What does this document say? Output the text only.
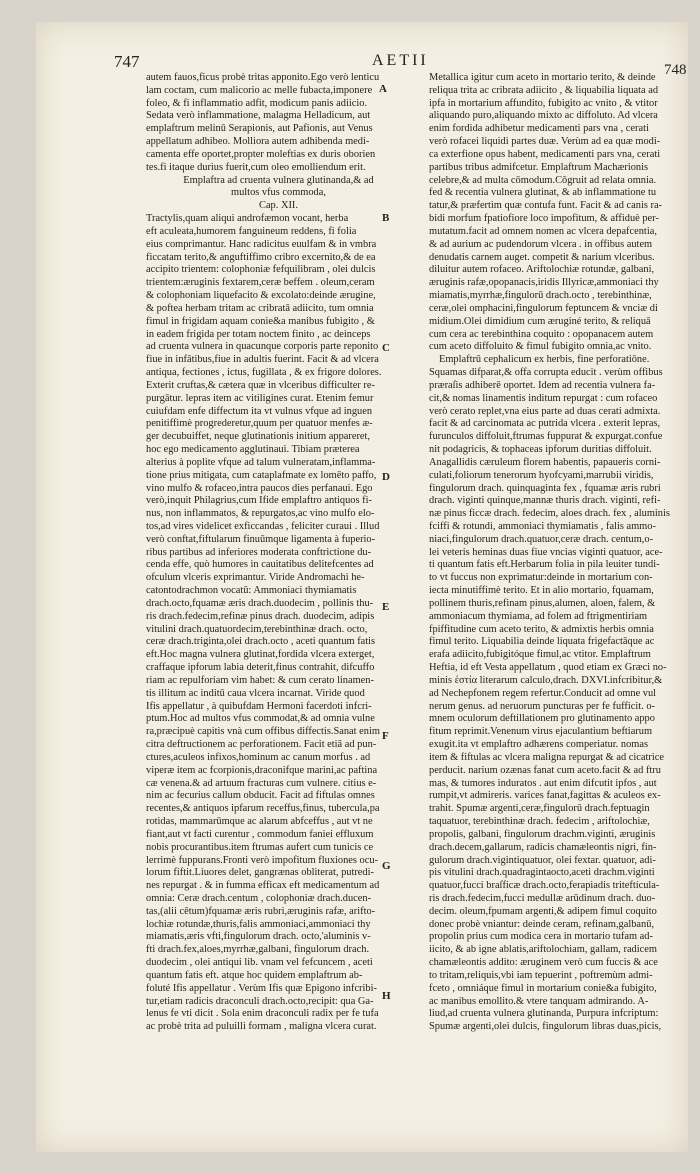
747	AETII
748
autem fauos,ficus probè tritas apponito.Ego verò lenticu
lam coctam, cum malicorio ac melle fubacta,imponere
foleo, & fi inflammatio adfit, modicum panis adiicio.
Sedata verò inflammatione, malagma Helladicum, aut
emplaftrum melinū Serapionis, aut Pafionis, aut Venus
appellatum adhibeo. Molliora autem adhibenda medi-
camenta effe oportet,propter moleftias ex duris oborien
tes.fi itaque durius fuerit,cum oleo emolliendum erit.
Emplaftra ad cruenta vulnera glutinanda,& ad
multos vfus commoda,
Cap. XII.
Tractylis,quam aliqui androfæmon vocant, herba
eft aculeata,humorem fanguineum reddens, fi folia
eius comprimantur. Hanc radicitus euulfam & in vmbra
ficcatam terito,& anguftiffimo cribro excernito,& de ea
accipito trientem: colophoniæ fefquilibram , olei dulcis
trientem:æruginis fextarem,ceræ beffem . oleum,ceram
& colophoniam liquefacito & excolato:deinde ærugine,
& poftea herbam tritam ac cribratā adiicito, tum omnia
fimul in frigidam aquam conie&a manibus fubigito , &
in eadem frigida per totam noctem finito , ac deinceps
ad cruenta vulnera in quacunque corporis parte reponito
fiue in infātibus,fiue in adultis fuerint. Facit & ad vlcera
antiqua, fectiones , ictus, fugillata , & ex frigore dolores.
Exterit cruftas,& cætera quæ in vlceribus difficulter re-
purgātur. lepras item ac vitiligines curat. Etenim femur
cuiufdam enfe diffectum ita vt vulnus vfque ad inguen
penitiffimè progrederetur,quum per quatuor menfes æ-
ger decubuiffet, neque glutinationis initium appareret,
hoc ego medicamento agglutinaui. Tibiam præterea
alterius à poplite vfque ad talum vulneratam,inflamma-
tione prius mitigata, cum cataplafmate ex lomēto paffo,
vino mulfo & rofaceo,intra paucos dies perfanaui. Ego
verò,inquit Philagrius,cum Ifide emplaftro antiquos fi-
nus, non inflammatos, & repurgatos,ac vino mulfo elo-
tos,ad vires videlicet exficcandas , feliciter curaui . Illud
verò conftat,fiftularum finuūmque ligamenta à fuperio-
ribus partibus ad inferiores moderata conftrictione du-
cenda effe, quò humores in cauitatibus delitefcentes ad
ofculum vlceris exprimantur. Viride Andromachi he-
catontodrachmon vocatū: Ammoniaci thymiamatis
drach.octo,fquamæ æris drach.duodecim , pollinis thu-
ris drach.fedecim,refinæ pinus drach. duodecim, adipis
vitulini drach.quatuordecim,terebinthinæ drach. octo,
ceræ drach.triginta,olei drach.octo , aceti quantum fatis
eft.Hoc magna vulnera glutinat,fordida vlcera exterget,
craffaque ipforum labia deterit,finus contrahit, difcuffo
riam ac repulforiam vim habet: & cum cerato linamen-
tis illitum ac inditū caua vlcera incarnat. Viride quod
Ifis appellatur , à quibufdam Hermoni facerdoti infcri-
ptum.Hoc ad multos vfus commodat,& ad omnia vulne
ra,præcipuè capitis vnà cum offibus diffectis.Sanat enim
citra deftructionem ac perforationem. Facit etiā ad pun-
ctures,aculeos infixos,hominum ac canum morfus . ad
viperæ item ac fcorpionis,draconifque marini,ac paftina
cæ venena.& ad artuum fracturas cum vulnere. citius e-
nim ac fecurius callum obducit. Facit ad fiftulas omnes
recentes,& antiquos ipfarum receffus,finus, tubercula,pa
rotidas, mammarūmque ac alarum abfceffus , aut vt ne
fiant,aut vt facti curentur , commodum faniei effluxum
nobis procurantibus.item ftrumas aufert cum tunicis ce
lerrimè fuppurans.Fronti verò impofitum fluxiones ocu-
lorum fiftit.Liuores delet, gangrænas obliterat, putredi-
nes repurgat . & in fumma efficax eft medicamentum ad
omnia: Ceræ drach.centum , colophoniæ drach.ducen-
tas,(alii cētum)fquamæ æris rubri,æruginis rafæ, arifto-
lochiæ rotundæ,thuris,falis ammoniaci,ammoniaci thy
miamatis,æris vfti,fingulorum drach. octo,'aluminis v-
fti drach.fex,aloes,myrrhæ,galbani, fingulorum drach.
duodecim , olei antiqui lib. vnam vel fefcuncem , aceti
quantum fatis eft. atque hoc quidem emplaftrum ab-
foluté Ifis appellatur . Verùm Ifis quæ Epigono infcribi-
tur,etiam radicis draconculi drach.octo,recipit: qua Ga-
lenus fe vti dicit . Sola enim draconculi radix per fe tufa
ac probè trita ad puluilli formam , maligna vlcera curat.
Metallica igitur cum aceto in mortario terito, & deinde
reliqua trita ac cribrata adiicito , & liquabilia liquata ad
ipfa in mortarium affundito, fubigito ac vnito , & vtitor
aliquando puro,aliquando mixto ac diffoluto. Ad vlcera
enim fordida adhibetur medicamenti pars vna , cerati
verò rofacei liquidi partes duæ. Verùm ad ea quæ modi-
ca exterfione opus habent, medicamenti pars vna, cerati
partibus tribus admifcetur. Emplaftrum Machærionis
celebre,& ad multa cōmodum.Cōgruit ad relata omnia.
fed & recentia vulnera glutinat, & ab inflammatione tu
tatur,& præfertim quæ contufa funt. Facit & ad canis ra-
bidi morfum fpatiofiore loco impofitum, & affiduè per-
mutatum.facit ad omnem nomen ac vlcera depafcentia,
& ad aurium ac pudendorum vlcera . in offibus autem
denudatis carnem auget. competit & narium vlceribus.
diluitur autem rofaceo. Ariftolochiæ rotundæ, galbani,
æruginis rafæ,opopanacis,iridis Illyricæ,ammoniaci thy
miamatis,myrrhæ,fingulorū drach.octo , terebinthinæ,
ceræ,olei omphacini,fingulorum feptuncem & vnciæ di
midium.Olei dimidium cum æruginé terito, & reliquā
cum cera ac terebinthina coquito : opopanacem autem
cum aceto diffoluito & fimul fubigito omnia,ac vnito.
Emplaftrū cephalicum ex herbis, fine perforatiōne.
Squamas difparat,& offa corrupta educit . verùm offibus
præraſis adhiberē oportet. Idem ad recentia vulnera fa-
cit,& nomas linamentis inditum repurgat : cum rofaceo
verò cerato replet,vna eius parte ad duas cerati admixta.
facit & ad carcinomata ac putrida vlcera . exterit lepras,
furunculos diffoluit,ftrumas fuppurat & expurgat.confue
nit podagricis, & tophaceas ipforum duritias diffoluit.
Anagallidis cæruleum florem habentis, papaueris corni-
culati,foliorum tenerorum hyofcyami,marrubii viridis,
fingulorum drach. quinquaginta fex , fquamæ æris rubri
drach. viginti quinque,mannæ thuris drach. viginti, refi-
næ pinus ficcæ drach. fedecim, aloes drach. fex , aluminis
fciffi & rotundi, ammoniaci thymiamatis , falis ammo-
niaci,fingulorum drach.quatuor,ceræ drach. centum,o-
lei veteris heminas duas fiue vncias viginti quatuor, ace-
ti quantum fatis eft.Herbarum folia in pila leuiter tundi-
to vt fuccus non exprimatur:deinde in mortarium con-
iecta minutiffimè terito. Et in alio mortario, fquamam,
pollinem thuris,refinam pinus,alumen, aloen, falem, &
ammoniacum thymiama, ad folem ad ftrigmentiriam
fpiffitudine cum aceto terito, & admixtis herbis omnia
fimul terito. Liquabilia deinde liquata frigefactāque ac
erafa adiicito,fubigitóque fimul,ac vtitor. Emplaftrum
Heftia, id eft Vesta appellatum , quod etiam ex Græci no-
minis ἑστία literarum calculo,drach. DXVI.infcribitur,&
ad Nechepfonem regem refertur.Conducit ad omne vul
nerum genus. ad neruorum puncturas per fe fufficit. o-
mnem oculorum deftillationem pro glutinamento appo
fitum reprimit.Venenum virus ejaculantium beftiarum
exugit.ita vt emplaftro adhærens comperiatur. nomas
item & fiftulas ac vlcera maligna repurgat & ad cicatrice
perducit. narium ozænas fanat cum aceto.facit & ad ftru
mas, & tumores induratos . aut enim difcutit ipfos , aut
rumpit,vt admireris. varices fanat,fagittas & aculeos ex-
trahit. Spumæ argenti,ceræ,fingulorū drach.feptuagin
taquatuor, terebinthinæ drach. fedecim , ariftolochiæ,
propolis, galbani, fingulorum drachm.viginti, æruginis
drach.decem,gallarum, radicis chamæleontis nigri, fin-
gulorum drach.vigintiquatuor, olei fextar. quatuor, adi-
pis vitulini drach.quadragintaocto,aceti drachm.viginti
quatuor,fucci braſficæ drach.octo,ferapiadis triteftícula-
ris drach.fedecim,fucci medullæ arūdinum drach. duo-
decim. oleum,fpumam argenti,& adipem fimul coquito
donec probè vniantur: deinde ceram, refinam,galbanū,
propolin prius cum modica cera in mortario tufam ad-
iicito, & ab igne ablatis,ariftolochiam, gallam, radicem
chamæleontis addito: æruginem verò cum fuccis & ace
to tritam,reliquis,vbi iam tepuerint , poftremùm admi-
fceto , omniáque fimul in mortarium conie&a fubigito,
ac manibus emollito.& vtere tanquam admirando. A-
liud,ad cruenta vulnera glutinanda, Purpura infcriptum:
Spumæ argenti,olei dulcis, fingulorum libras duas,picis,
A
B
C
D
E
F
G
H
